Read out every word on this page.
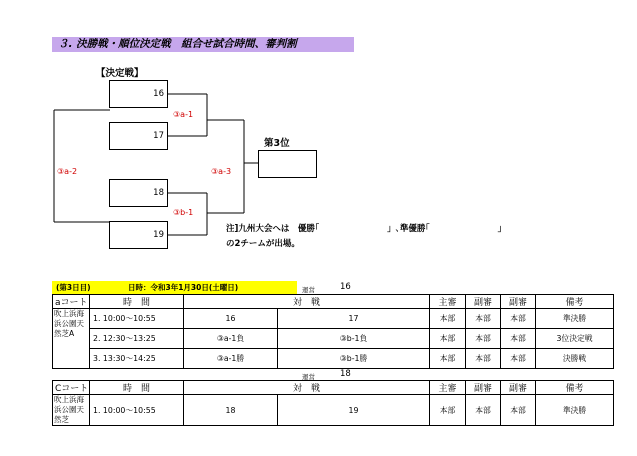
３. 決勝戦・順位決定戦　組合せ試合時間、審判割
【決定戦】
16
17
18
19
③a-1
③b-1
③a-2	③a-3
第3位
注]九州大会へは　優勝｢　　　　　　　　」､準優勝｢　　　　　　　　」
の2チームが出場。
(第3日目)	日時：令和3年1月30日(土曜日)	運営	16
aコート	時　間	対　戦		主審	副審	副審	備考
吹上浜海浜公園天然芝A	1. 10:00～10:55	16	17	本部	本部	本部	準決勝
	2. 12:30～13:25	③a-1負	③b-1負	本部	本部	本部	3位決定戦
	3. 13:30～14:25	③a-1勝	③b-1勝	本部	本部	本部	決勝戦
運営	18
Cコート	時　間	対　戦		主審	副審	副審	備考
吹上浜海浜公園天然芝	1. 10:00～10:55	18	19	本部	本部	本部	準決勝
